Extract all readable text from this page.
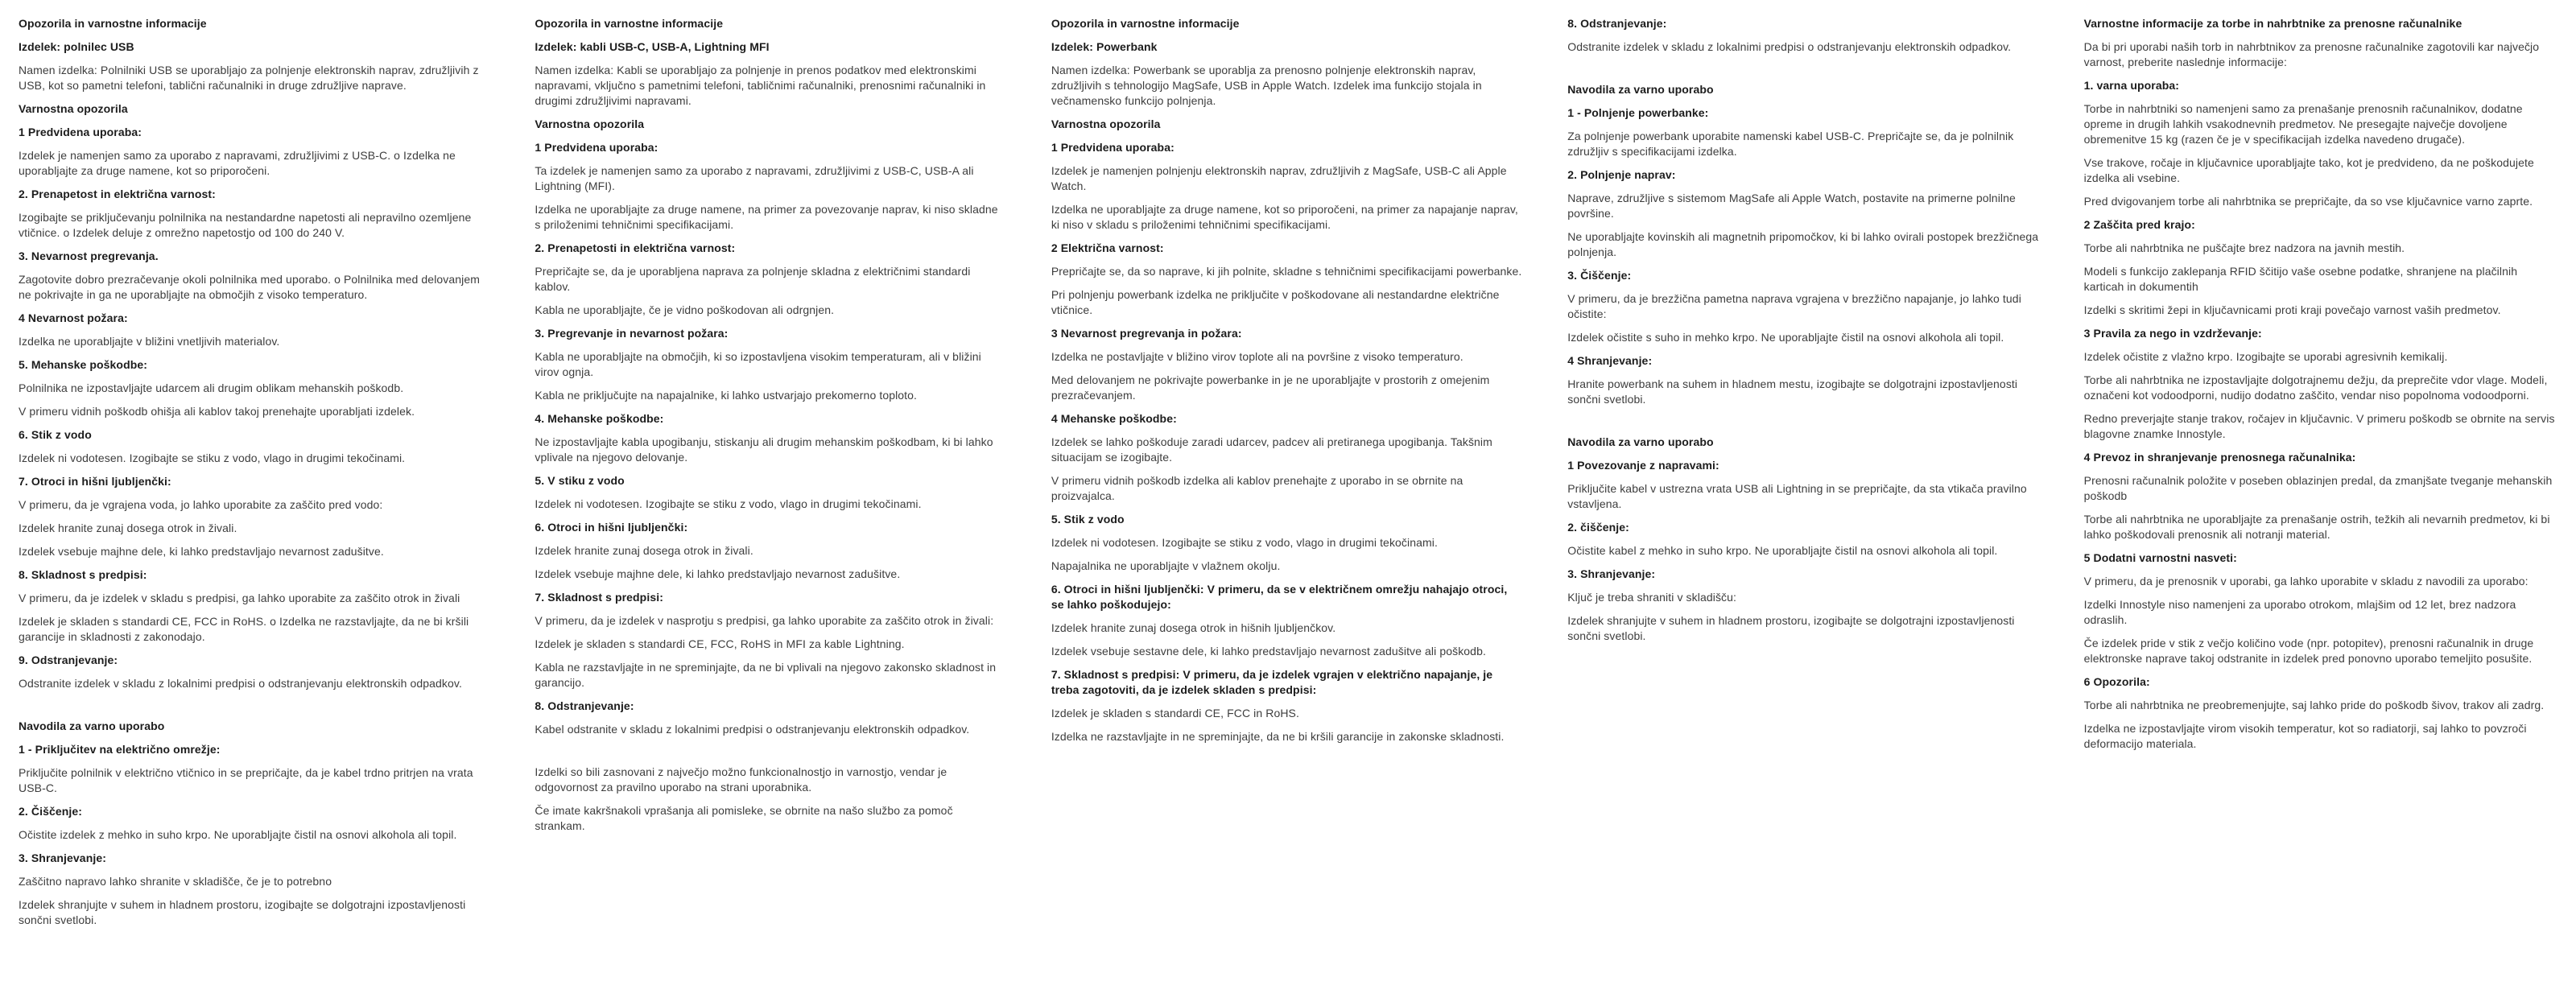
Opozorila in varnostne informacije
Izdelek: polnilec USB
Namen izdelka: Polnilniki USB se uporabljajo za polnjenje elektronskih naprav, združljivih z USB, kot so pametni telefoni, tablični računalniki in druge združljive naprave.
Varnostna opozorila
1 Predvidena uporaba:
Izdelek je namenjen samo za uporabo z napravami, združljivimi z USB-C. o Izdelka ne uporabljajte za druge namene, kot so priporočeni.
2. Prenapetost in električna varnost:
Izogibajte se priključevanju polnilnika na nestandardne napetosti ali nepravilno ozemljene vtičnice. o Izdelek deluje z omrežno napetostjo od 100 do 240 V.
3. Nevarnost pregrevanja.
Zagotovite dobro prezračevanje okoli polnilnika med uporabo. o Polnilnika med delovanjem ne pokrivajte in ga ne uporabljajte na območjih z visoko temperaturo.
4 Nevarnost požara:
Izdelka ne uporabljajte v bližini vnetljivih materialov.
5. Mehanske poškodbe:
Polnilnika ne izpostavljajte udarcem ali drugim oblikam mehanskih poškodb.
V primeru vidnih poškodb ohišja ali kablov takoj prenehajte uporabljati izdelek.
6. Stik z vodo
Izdelek ni vodotesen. Izogibajte se stiku z vodo, vlago in drugimi tekočinami.
7. Otroci in hišni ljubljenčki:
V primeru, da je vgrajena voda, jo lahko uporabite za zaščito pred vodo:
Izdelek hranite zunaj dosega otrok in živali.
Izdelek vsebuje majhne dele, ki lahko predstavljajo nevarnost zadušitve.
8. Skladnost s predpisi:
V primeru, da je izdelek v skladu s predpisi, ga lahko uporabite za zaščito otrok in živali
Izdelek je skladen s standardi CE, FCC in RoHS. o Izdelka ne razstavljajte, da ne bi kršili garancije in skladnosti z zakonodajo.
9. Odstranjevanje:
Odstranite izdelek v skladu z lokalnimi predpisi o odstranjevanju elektronskih odpadkov.
Navodila za varno uporabo
1 - Priključitev na električno omrežje:
Priključite polnilnik v električno vtičnico in se prepričajte, da je kabel trdno pritrjen na vrata USB-C.
2. Čiščenje:
Očistite izdelek z mehko in suho krpo. Ne uporabljajte čistil na osnovi alkohola ali topil.
3. Shranjevanje:
Zaščitno napravo lahko shranite v skladišče, če je to potrebno
Izdelek shranjujte v suhem in hladnem prostoru, izogibajte se dolgotrajni izpostavljenosti sončni svetlobi.
Opozorila in varnostne informacije
Izdelek: kabli USB-C, USB-A, Lightning MFI
Namen izdelka: Kabli se uporabljajo za polnjenje in prenos podatkov med elektronskimi napravami, vključno s pametnimi telefoni, tabličnimi računalniki, prenosnimi računalniki in drugimi združljivimi napravami.
Varnostna opozorila
1 Predvidena uporaba:
Ta izdelek je namenjen samo za uporabo z napravami, združljivimi z USB-C, USB-A ali Lightning (MFI).
Izdelka ne uporabljajte za druge namene, na primer za povezovanje naprav, ki niso skladne s priloženimi tehničnimi specifikacijami.
2. Prenapetosti in električna varnost:
Prepričajte se, da je uporabljena naprava za polnjenje skladna z električnimi standardi kablov.
Kabla ne uporabljajte, če je vidno poškodovan ali odrgnjen.
3. Pregrevanje in nevarnost požara:
Kabla ne uporabljajte na območjih, ki so izpostavljena visokim temperaturam, ali v bližini virov ognja.
Kabla ne priključujte na napajalnike, ki lahko ustvarjajo prekomerno toploto.
4. Mehanske poškodbe:
Ne izpostavljajte kabla upogibanju, stiskanju ali drugim mehanskim poškodbam, ki bi lahko vplivale na njegovo delovanje.
5. V stiku z vodo
Izdelek ni vodotesen. Izogibajte se stiku z vodo, vlago in drugimi tekočinami.
6. Otroci in hišni ljubljenčki:
Izdelek hranite zunaj dosega otrok in živali.
Izdelek vsebuje majhne dele, ki lahko predstavljajo nevarnost zadušitve.
7. Skladnost s predpisi:
V primeru, da je izdelek v nasprotju s predpisi, ga lahko uporabite za zaščito otrok in živali:
Izdelek je skladen s standardi CE, FCC, RoHS in MFI za kable Lightning.
Kabla ne razstavljajte in ne spreminjajte, da ne bi vplivali na njegovo zakonsko skladnost in garancijo.
8. Odstranjevanje:
Kabel odstranite v skladu z lokalnimi predpisi o odstranjevanju elektronskih odpadkov.
Izdelki so bili zasnovani z največjo možno funkcionalnostjo in varnostjo, vendar je odgovornost za pravilno uporabo na strani uporabnika.
Če imate kakršnakoli vprašanja ali pomisleke, se obrnite na našo službo za pomoč strankam.
Opozorila in varnostne informacije
Izdelek: Powerbank
Namen izdelka: Powerbank se uporablja za prenosno polnjenje elektronskih naprav, združljivih s tehnologijo MagSafe, USB in Apple Watch. Izdelek ima funkcijo stojala in večnamensko funkcijo polnjenja.
Varnostna opozorila
1 Predvidena uporaba:
Izdelek je namenjen polnjenju elektronskih naprav, združljivih z MagSafe, USB-C ali Apple Watch.
Izdelka ne uporabljajte za druge namene, kot so priporočeni, na primer za napajanje naprav, ki niso v skladu s priloženimi tehničnimi specifikacijami.
2 Električna varnost:
Prepričajte se, da so naprave, ki jih polnite, skladne s tehničnimi specifikacijami powerbanke.
Pri polnjenju powerbank izdelka ne priključite v poškodovane ali nestandardne električne vtičnice.
3 Nevarnost pregrevanja in požara:
Izdelka ne postavljajte v bližino virov toplote ali na površine z visoko temperaturo.
Med delovanjem ne pokrivajte powerbanke in je ne uporabljajte v prostorih z omejenim prezračevanjem.
4 Mehanske poškodbe:
Izdelek se lahko poškoduje zaradi udarcev, padcev ali pretiranega upogibanja. Takšnim situacijam se izogibajte.
V primeru vidnih poškodb izdelka ali kablov prenehajte z uporabo in se obrnite na proizvajalca.
5. Stik z vodo
Izdelek ni vodotesen. Izogibajte se stiku z vodo, vlago in drugimi tekočinami.
Napajalnika ne uporabljajte v vlažnem okolju.
6. Otroci in hišni ljubljenčki: V primeru, da se v električnem omrežju nahajajo otroci, se lahko poškodujejo:
Izdelek hranite zunaj dosega otrok in hišnih ljubljenčkov.
Izdelek vsebuje sestavne dele, ki lahko predstavljajo nevarnost zadušitve ali poškodb.
7. Skladnost s predpisi: V primeru, da je izdelek vgrajen v električno napajanje, je treba zagotoviti, da je izdelek skladen s predpisi:
Izdelek je skladen s standardi CE, FCC in RoHS.
Izdelka ne razstavljajte in ne spreminjajte, da ne bi kršili garancije in zakonske skladnosti.
8. Odstranjevanje:
Odstranite izdelek v skladu z lokalnimi predpisi o odstranjevanju elektronskih odpadkov.
Navodila za varno uporabo
1 - Polnjenje powerbanke:
Za polnjenje powerbank uporabite namenski kabel USB-C. Prepričajte se, da je polnilnik združljiv s specifikacijami izdelka.
2. Polnjenje naprav:
Naprave, združljive s sistemom MagSafe ali Apple Watch, postavite na primerne polnilne površine.
Ne uporabljajte kovinskih ali magnetnih pripomočkov, ki bi lahko ovirali postopek brezžičnega polnjenja.
3. Čiščenje:
V primeru, da je brezžična pametna naprava vgrajena v brezžično napajanje, jo lahko tudi očistite:
Izdelek očistite s suho in mehko krpo. Ne uporabljajte čistil na osnovi alkohola ali topil.
4 Shranjevanje:
Hranite powerbank na suhem in hladnem mestu, izogibajte se dolgotrajni izpostavljenosti sončni svetlobi.
Navodila za varno uporabo
1 Povezovanje z napravami:
Priključite kabel v ustrezna vrata USB ali Lightning in se prepričajte, da sta vtikača pravilno vstavljena.
2. čiščenje:
Očistite kabel z mehko in suho krpo. Ne uporabljajte čistil na osnovi alkohola ali topil.
3. Shranjevanje:
Ključ je treba shraniti v skladišču:
Izdelek shranjujte v suhem in hladnem prostoru, izogibajte se dolgotrajni izpostavljenosti sončni svetlobi.
Varnostne informacije za torbe in nahrbtnike za prenosne računalnike
Da bi pri uporabi naših torb in nahrbtnikov za prenosne računalnike zagotovili kar največjo varnost, preberite naslednje informacije:
1. varna uporaba:
Torbe in nahrbtniki so namenjeni samo za prenašanje prenosnih računalnikov, dodatne opreme in drugih lahkih vsakodnevnih predmetov. Ne presegajte največje dovoljene obremenitve 15 kg (razen če je v specifikacijah izdelka navedeno drugače).
Vse trakove, ročaje in ključavnice uporabljajte tako, kot je predvideno, da ne poškodujete izdelka ali vsebine.
Pred dvigovanjem torbe ali nahrbtnika se prepričajte, da so vse ključavnice varno zaprte.
2 Zaščita pred krajo:
Torbe ali nahrbtnika ne puščajte brez nadzora na javnih mestih.
Modeli s funkcijo zaklepanja RFID ščitijo vaše osebne podatke, shranjene na plačilnih karticah in dokumentih
Izdelki s skritimi žepi in ključavnicami proti kraji povečajo varnost vaših predmetov.
3 Pravila za nego in vzdrževanje:
Izdelek očistite z vlažno krpo. Izogibajte se uporabi agresivnih kemikalij.
Torbe ali nahrbtnika ne izpostavljajte dolgotrajnemu dežju, da preprečite vdor vlage. Modeli, označeni kot vodoodporni, nudijo dodatno zaščito, vendar niso popolnoma vodoodporni.
Redno preverjajte stanje trakov, ročajev in ključavnic. V primeru poškodb se obrnite na servis blagovne znamke Innostyle.
4 Prevoz in shranjevanje prenosnega računalnika:
Prenosni računalnik položite v poseben oblazinjen predal, da zmanjšate tveganje mehanskih poškodb
Torbe ali nahrbtnika ne uporabljajte za prenašanje ostrih, težkih ali nevarnih predmetov, ki bi lahko poškodovali prenosnik ali notranji material.
5 Dodatni varnostni nasveti:
V primeru, da je prenosnik v uporabi, ga lahko uporabite v skladu z navodili za uporabo:
Izdelki Innostyle niso namenjeni za uporabo otrokom, mlajšim od 12 let, brez nadzora odraslih.
Če izdelek pride v stik z večjo količino vode (npr. potopitev), prenosni računalnik in druge elektronske naprave takoj odstranite in izdelek pred ponovno uporabo temeljito posušite.
6 Opozorila:
Torbe ali nahrbtnika ne preobremenjujte, saj lahko pride do poškodb šivov, trakov ali zadrg.
Izdelka ne izpostavljajte virom visokih temperatur, kot so radiatorji, saj lahko to povzroči deformacijo materiala.
